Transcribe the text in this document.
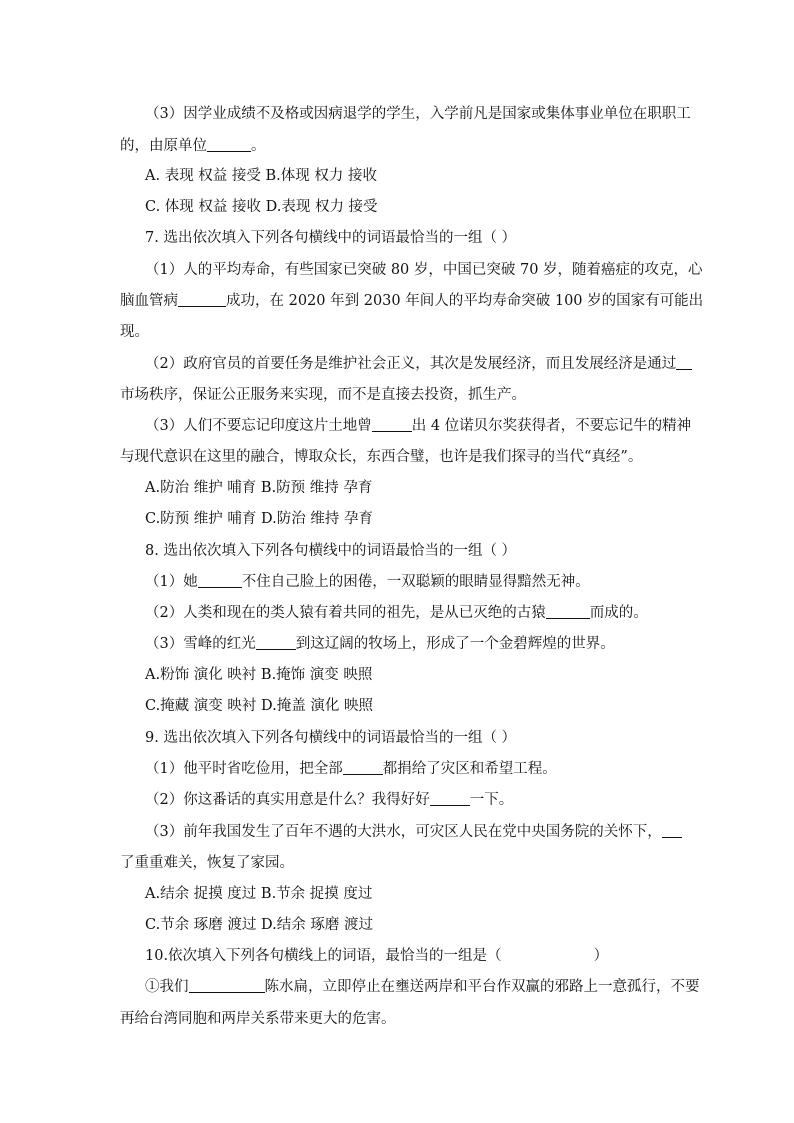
（3）因学业成绩不及格或因病退学的学生，入学前凡是国家或集体事业单位在职职工
的，由原单位	。
A. 表现 权益 接受 B.体现 权力 接收
C. 体现 权益 接收 D.表现 权力 接受
7. 选出依次填入下列各句横线中的词语最恰当的一组（ ）
（1）人的平均寿命，有些国家已突破 80 岁，中国已突破 70 岁，随着癌症的攻克，心
脑血管病	成功，在 2020 年到 2030 年间人的平均寿命突破 100 岁的国家有可能出
现。
（2）政府官员的首要任务是维护社会正义，其次是发展经济，而且发展经济是通过
市场秩序，保证公正服务来实现，而不是直接去投资，抓生产。
（3）人们不要忘记印度这片土地曾	出 4 位诺贝尔奖获得者，不要忘记牛的精神
与现代意识在这里的融合，博取众长，东西合璧，也许是我们探寻的当代“真经”。
A.防治 维护 哺育 B.防预 维持 孕育
C.防预 维护 哺育 D.防治 维持 孕育
8. 选出依次填入下列各句横线中的词语最恰当的一组（ ）
（1）她	不住自己脸上的困倦，一双聪颖的眼睛显得黯然无神。
（2）人类和现在的类人猿有着共同的祖先，是从已灭绝的古猿	而成的。
（3）雪峰的红光	到这辽阔的牧场上，形成了一个金碧辉煌的世界。
A.粉饰 演化 映衬 B.掩饰 演变 映照
C.掩藏 演变 映衬 D.掩盖 演化 映照
9. 选出依次填入下列各句横线中的词语最恰当的一组（ ）
（1）他平时省吃俭用，把全部	都捐给了灾区和希望工程。
（2）你这番话的真实用意是什么？我得好好	一下。
（3）前年我国发生了百年不遇的大洪水，可灾区人民在党中央国务院的关怀下，
了重重难关，恢复了家园。
A.结余 捉摸 度过 B.节余 捉摸 度过
C.节余 琢磨 渡过 D.结余 琢磨 渡过
10.依次填入下列各句横线上的词语，最恰当的一组是（	）
①我们	陈水扁，立即停止在壅送两岸和平台作双赢的邪路上一意孤行，不要
再给台湾同胞和两岸关系带来更大的危害。
